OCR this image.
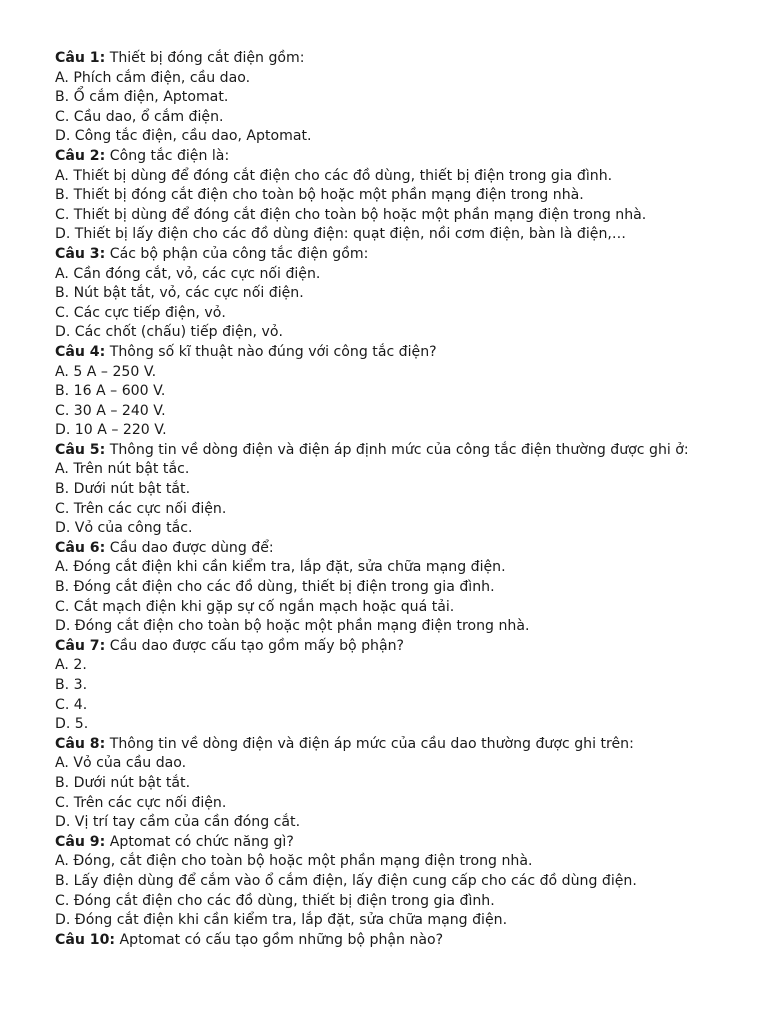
Câu 1: Thiết bị đóng cắt điện gồm:

A. Phích cắm điện, cầu dao.

B. Ổ cắm điện, Aptomat.

C. Cầu dao, ổ cắm điện.

D. Công tắc điện, cầu dao, Aptomat.

Câu 2: Công tắc điện là:

A. Thiết bị dùng để đóng cắt điện cho các đồ dùng, thiết bị điện trong gia đình.

B. Thiết bị đóng cắt điện cho toàn bộ hoặc một phần mạng điện trong nhà.

C. Thiết bị dùng để đóng cắt điện cho toàn bộ hoặc một phần mạng điện trong nhà.

D. Thiết bị lấy điện cho các đồ dùng điện: quạt điện, nồi cơm điện, bàn là điện,…

Câu 3: Các bộ phận của công tắc điện gồm:

A. Cần đóng cắt, vỏ, các cực nối điện.

B. Nút bật tắt, vỏ, các cực nối điện.

C. Các cực tiếp điện, vỏ.

D. Các chốt (chấu) tiếp điện, vỏ.

Câu 4: Thông số kĩ thuật nào đúng với công tắc điện?

A. 5 A – 250 V.

B. 16 A – 600 V.

C. 30 A – 240 V.

D. 10 A – 220 V.

Câu 5: Thông tin về dòng điện và điện áp định mức của công tắc điện thường được ghi ở:

A. Trên nút bật tắc.

B. Dưới nút bật tắt.

C. Trên các cực nối điện.

D. Vỏ của công tắc.

Câu 6: Cầu dao được dùng để:

A. Đóng cắt điện khi cần kiểm tra, lắp đặt, sửa chữa mạng điện.

B. Đóng cắt điện cho các đồ dùng, thiết bị điện trong gia đình.

C. Cắt mạch điện khi gặp sự cố ngắn mạch hoặc quá tải.

D. Đóng cắt điện cho toàn bộ hoặc một phần mạng điện trong nhà.

Câu 7: Cầu dao được cấu tạo gồm mấy bộ phận?

A. 2.

B. 3.

C. 4.

D. 5.

Câu 8: Thông tin về dòng điện và điện áp mức của cầu dao thường được ghi trên:

A. Vỏ của cầu dao.

B. Dưới nút bật tắt.

C. Trên các cực nối điện.

D. Vị trí tay cầm của cần đóng cắt.

Câu 9: Aptomat có chức năng gì?

A. Đóng, cắt điện cho toàn bộ hoặc một phần mạng điện trong nhà.

B. Lấy điện dùng để cắm vào ổ cắm điện, lấy điện cung cấp cho các đồ dùng điện.

C. Đóng cắt điện cho các đồ dùng, thiết bị điện trong gia đình.

D. Đóng cắt điện khi cần kiểm tra, lắp đặt, sửa chữa mạng điện.

Câu 10: Aptomat có cấu tạo gồm những bộ phận nào?
